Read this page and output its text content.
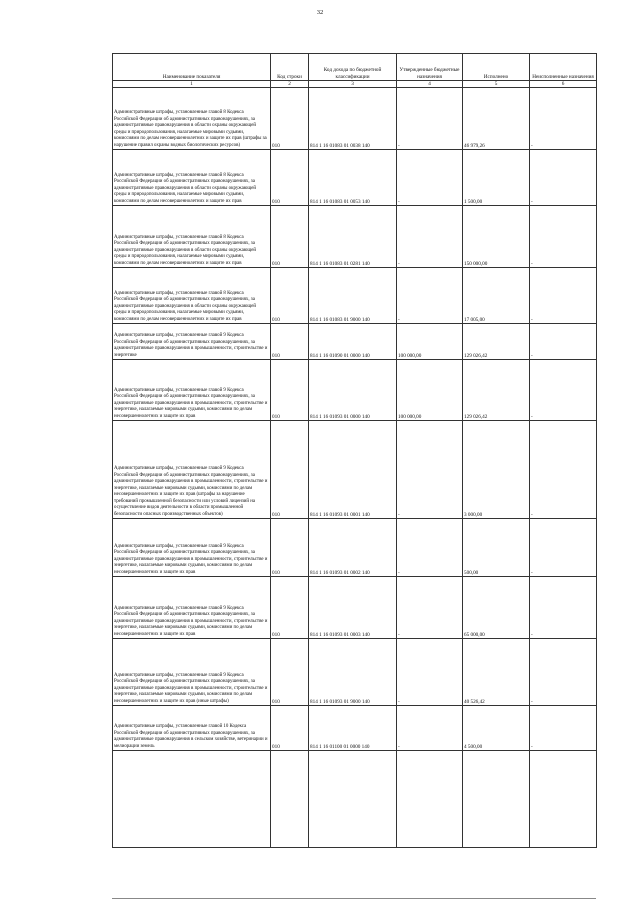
32
Наименование показателя	Код строки	Код дохода по бюджетной классификации	Утвержденные бюджетные назначения	Исполнено	Неисполненные назначения
1	2	3	4	5	6
Административные штрафы, установленные главой 8 Кодекса Российской Федерации об административных правонарушениях, за административные правонарушения в области охраны окружающей среды и природопользования, налагаемые мировыми судьями, комиссиями по делам несовершеннолетних и защите их прав (штрафы за нарушение правил охраны водных биологических ресурсов)	010	814 1 16 01083 01 0038 140	-	46 979,26	-
Административные штрафы, установленные главой 8 Кодекса Российской Федерации об административных правонарушениях, за административные правонарушения в области охраны окружающей среды и природопользования, налагаемые мировыми судьями, комиссиями по делам несовершеннолетних и защите их прав	010	814 1 16 01083 01 0053 140	-	1 500,00	-
Административные штрафы, установленные главой 8 Кодекса Российской Федерации об административных правонарушениях, за административные правонарушения в области охраны окружающей среды и природопользования, налагаемые мировыми судьями, комиссиями по делам несовершеннолетних и защите их прав	010	814 1 16 01083 01 0281 140	-	150 000,00	-
Административные штрафы, установленные главой 8 Кодекса Российской Федерации об административных правонарушениях, за административные правонарушения в области охраны окружающей среды и природопользования, налагаемые мировыми судьями, комиссиями по делам несовершеннолетних и защите их прав	010	814 1 16 01083 01 9000 140	-	17 005,00	-
Административные штрафы, установленные главой 9 Кодекса Российской Федерации об административных правонарушениях, за административные правонарушения в промышленности, строительстве и энергетике	010	814 1 16 01090 01 0000 140	100 000,00	129 026,42	-
Административные штрафы, установленные главой 9 Кодекса Российской Федерации об административных правонарушениях, за административные правонарушения в промышленности, строительстве и энергетике, налагаемые мировыми судьями, комиссиями по делам несовершеннолетних и защите их прав	010	814 1 16 01093 01 0000 140	100 000,00	129 026,42	-
Административные штрафы, установленные главой 9 Кодекса Российской Федерации об административных правонарушениях, за административные правонарушения в промышленности, строительстве и энергетике, налагаемые мировыми судьями, комиссиями по делам несовершеннолетних и защите их прав (штрафы за нарушение требований промышленной безопасности или условий лицензий на осуществление видов деятельности в области промышленной безопасности опасных производственных объектов)	010	814 1 16 01093 01 0001 140	-	3 000,00	-
Административные штрафы, установленные главой 9 Кодекса Российской Федерации об административных правонарушениях, за административные правонарушения в промышленности, строительстве и энергетике, налагаемые мировыми судьями, комиссиями по делам несовершеннолетних и защите их прав	010	814 1 16 01093 01 0002 140	-	500,00	-
Административные штрафы, установленные главой 9 Кодекса Российской Федерации об административных правонарушениях, за административные правонарушения в промышленности, строительстве и энергетике, налагаемые мировыми судьями, комиссиями по делам несовершеннолетних и защите их прав	010	814 1 16 01093 01 0003 140	-	65 000,00	-
Административные штрафы, установленные главой 9 Кодекса Российской Федерации об административных правонарушениях, за административные правонарушения в промышленности, строительстве и энергетике, налагаемые мировыми судьями, комиссиями по делам несовершеннолетних и защите их прав (иные штрафы)	010	814 1 16 01093 01 9000 140	-	40 526,42	-
Административные штрафы, установленные главой 10 Кодекса Российской Федерации об административных правонарушениях, за административные правонарушения в сельском хозяйстве, ветеринарии и мелиорации земель	010	814 1 16 01100 01 0000 140	-	4 500,00	-
